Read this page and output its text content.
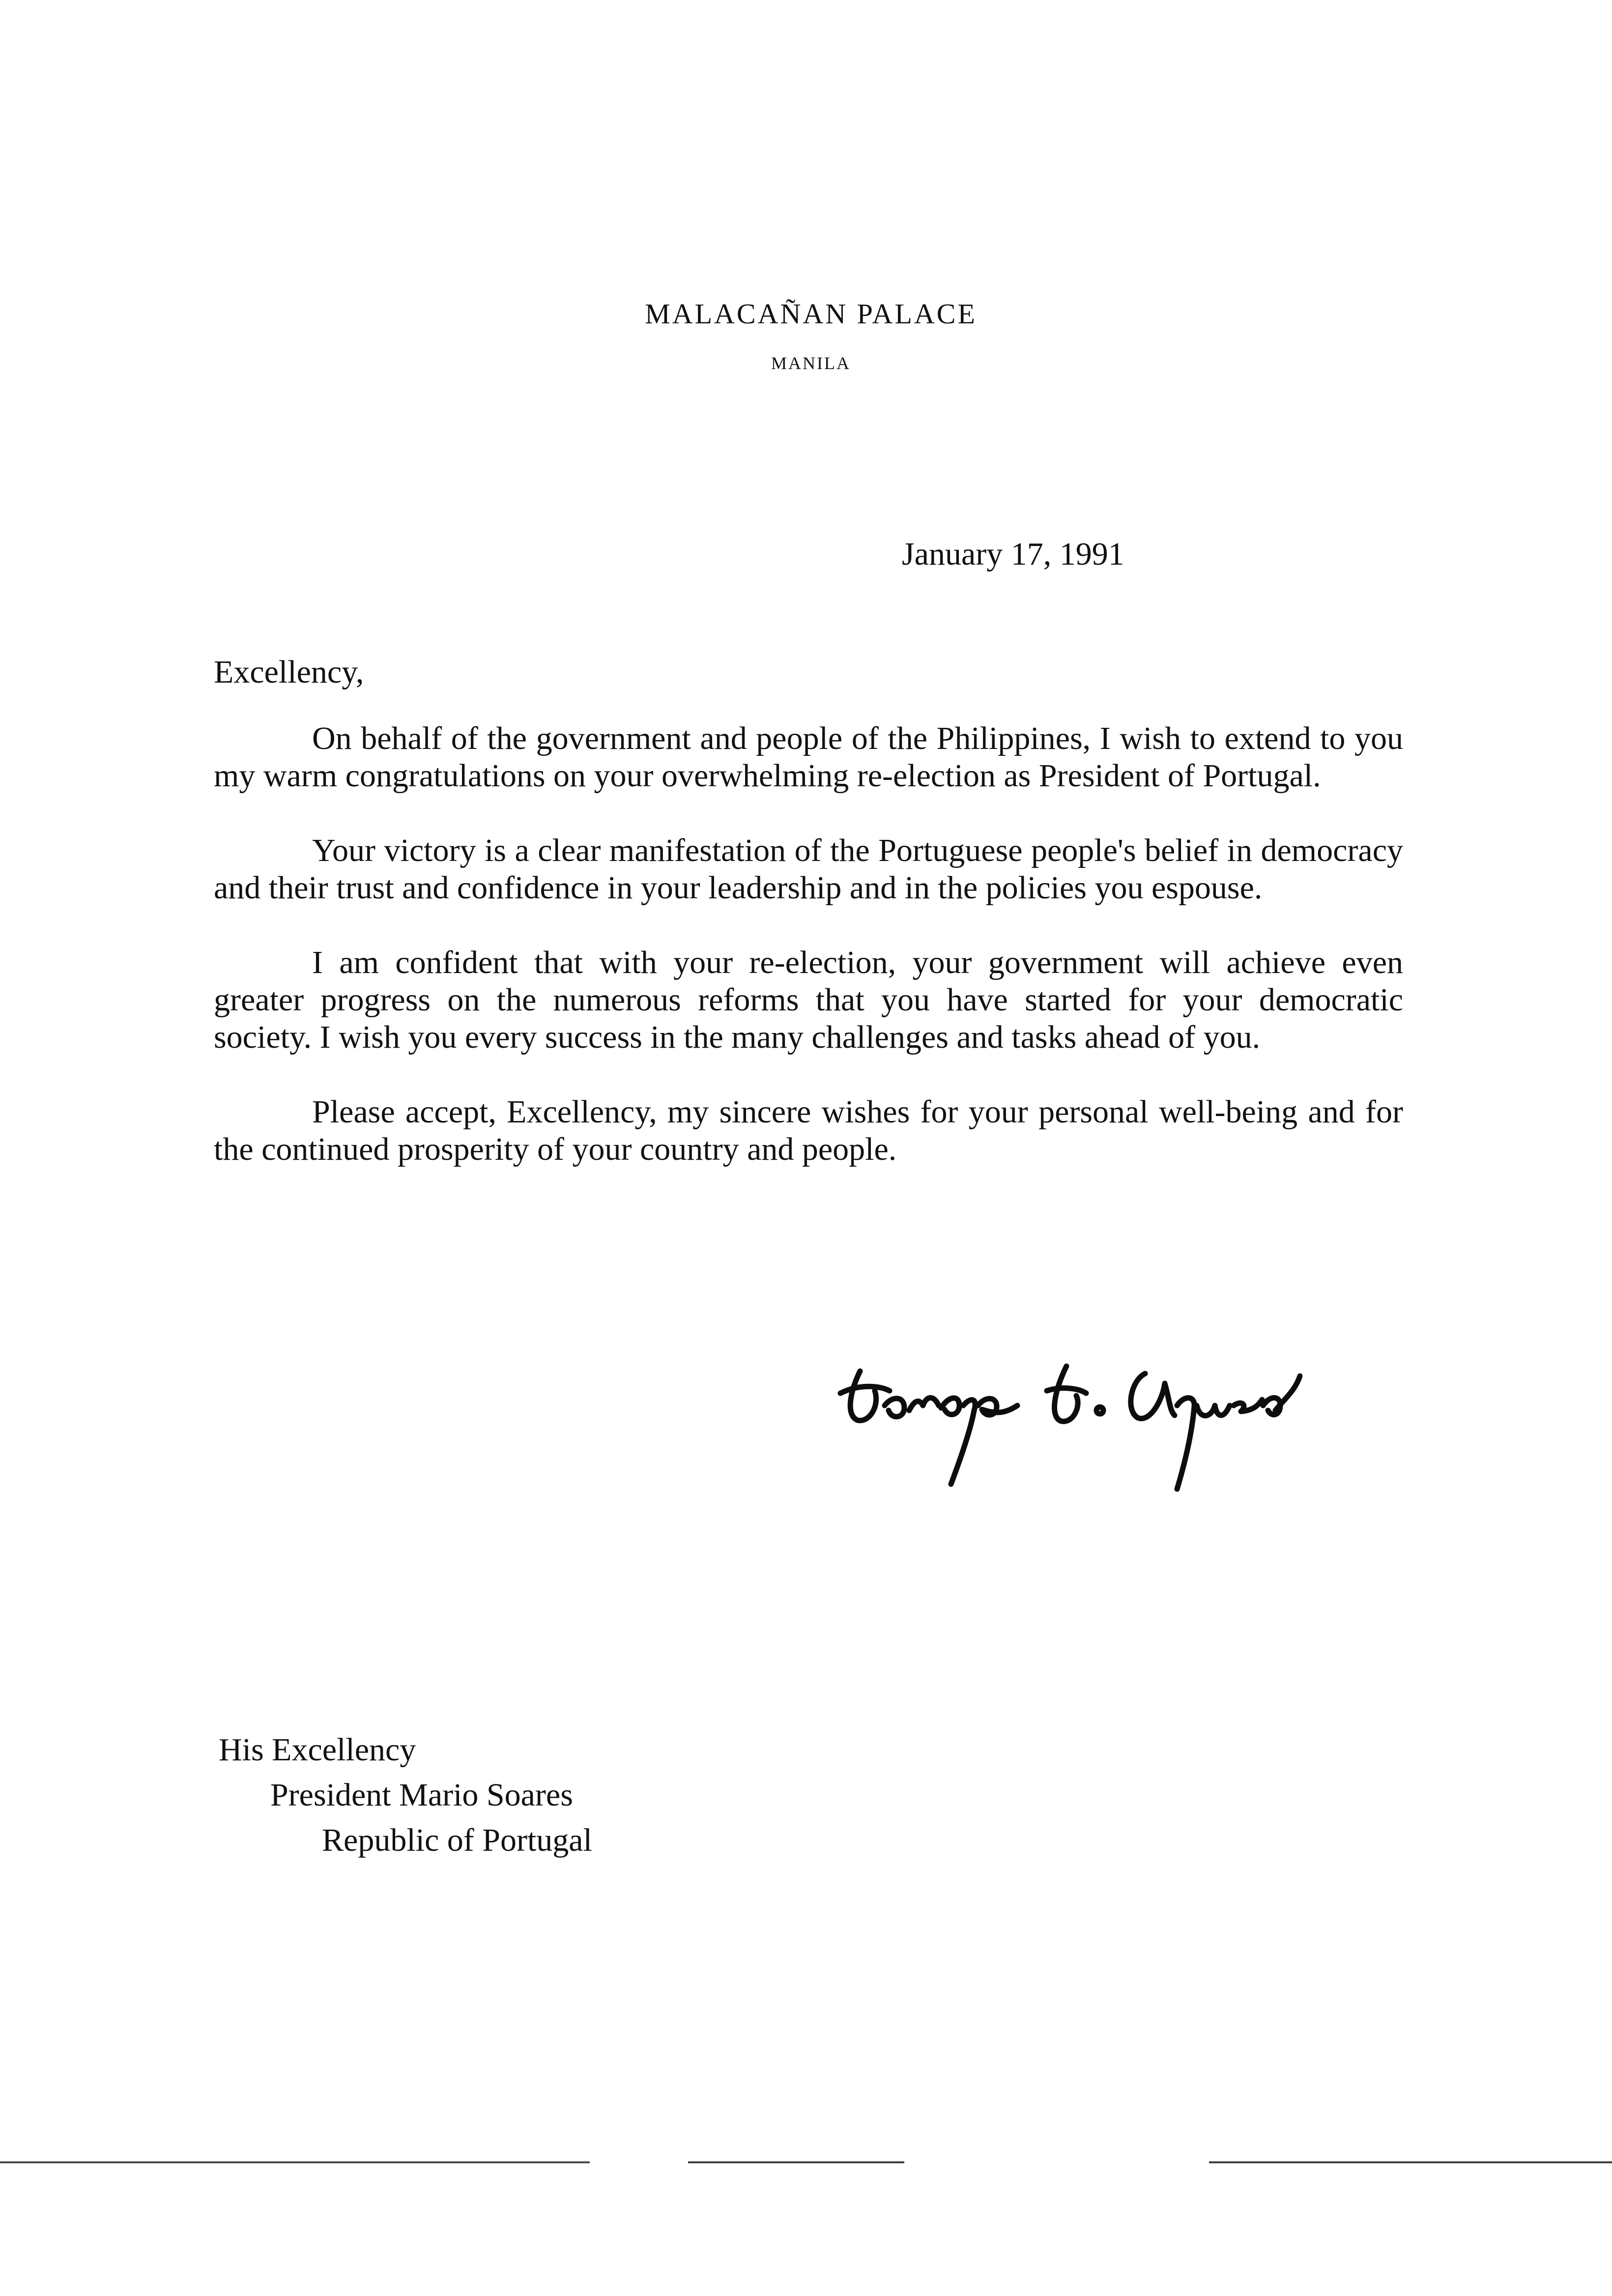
MALACAÑAN PALACE
MANILA
January 17, 1991
Excellency,

On behalf of the government and people of the Philippines, I wish to extend to you my warm congratulations on your overwhelming re-election as President of Portugal.

Your victory is a clear manifestation of the Portuguese people's belief in democracy and their trust and confidence in your leadership and in the policies you espouse.

I am confident that with your re-election, your government will achieve even greater progress on the numerous reforms that you have started for your democratic society. I wish you every success in the many challenges and tasks ahead of you.

Please accept, Excellency, my sincere wishes for your personal well-being and for the continued prosperity of your country and people.

His Excellency
President Mario Soares
Republic of Portugal
